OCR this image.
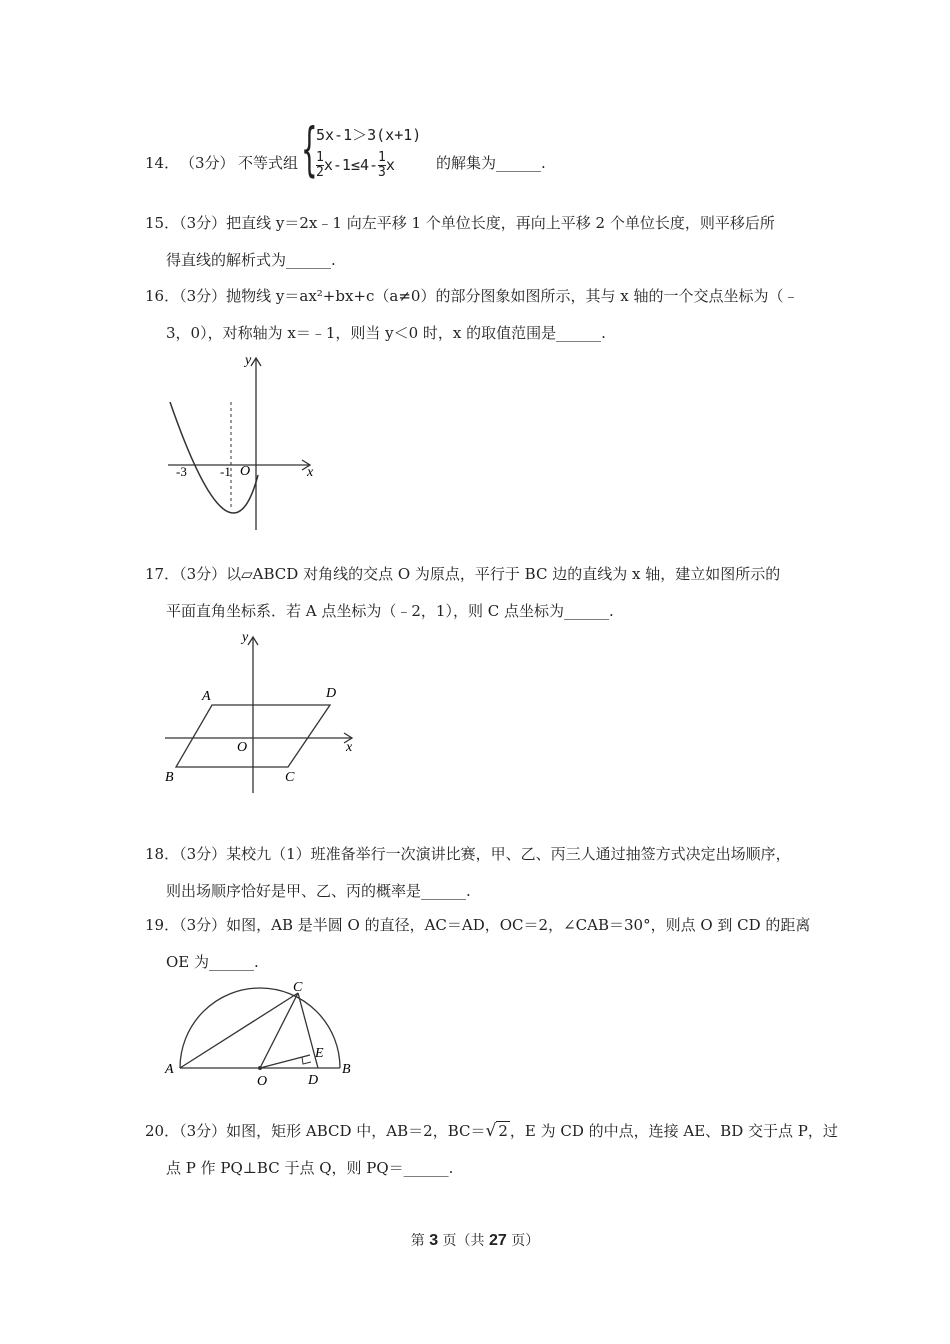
14． （3分） 不等式组 {
5x-1＞3(x+1)
$\frac{1}{2} x-1\le 4- \frac{1}{3}$ x	的解集为______.
15．（3分）把直线 y＝2x﹣1 向左平移 1 个单位长度，再向上平移 2 个单位长度，则平移后所
得直线的解析式为______.
16．（3分）抛物线 y＝ax²+bx+c（a≠0）的部分图象如图所示，其与 x 轴的一个交点坐标为（﹣
3，0），对称轴为 x＝﹣1，则当 y＜0 时，x 的取值范围是______.
y
x
O
-3	-1
17．（3分）以▱ABCD 对角线的交点 O 为原点，平行于 BC 边的直线为 x 轴，建立如图所示的
平面直角坐标系．若 A 点坐标为（﹣2，1），则 C 点坐标为______.
y
x
O
A	D
B	C
18．（3分）某校九（1）班准备举行一次演讲比赛，甲、乙、丙三人通过抽签方式决定出场顺序，
则出场顺序恰好是甲、乙、丙的概率是______.
19．（3分）如图，AB 是半圆 O 的直径，AC＝AD，OC＝2，∠CAB＝30°，则点 O 到 CD 的距离
OE 为______.
A	B
C
D
E
O
20．（3分）如图，矩形 ABCD 中，AB＝2，BC＝√ 2 ，E 为 CD 的中点，连接 AE、BD 交于点 P，过
点 P 作 PQ⊥BC 于点 Q，则 PQ＝______.
第 3 页（共 27 页）
